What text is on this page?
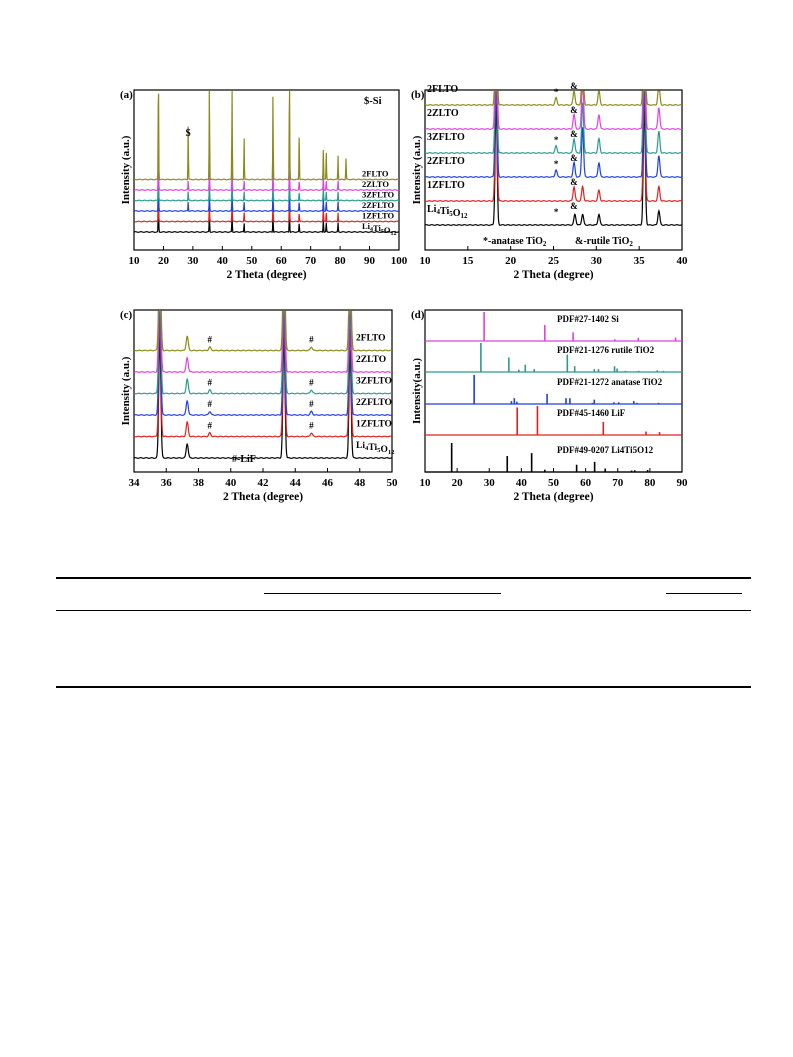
10 20 30 40 50 60 70 80 90 100
2 Theta (degree)
Intensity (a.u.)
$Li_4Ti_5O_{12}$
1ZFLTO
2ZFLTO
3ZFLTO
2ZLTO
2FLTO
(a)
$-Si
$
10	15	20	25	30	35	40
2 Theta (degree)
Intensity (a.u.)
$Li_4Ti_5O_{12}$
1ZFLTO
2ZFLTO
3ZFLTO
2ZLTO
2FLTO
(b)
*
*
*
*
&
&
&
&
&
&
*-anatase TiO$_2$	&-rutile TiO$_2$
34 36 38 40 42 44 46 48 50
2 Theta (degree)
Intensity (a.u.)
$Li_4Ti_5O_{12}$
1ZFLTO
2ZFLTO
3ZFLTO
2ZLTO
2FLTO
(c)
#-LiF
#	#
#	#
#	#
#	#
10 20 30 40 50 60 70 80 90
2 Theta (degree)
Intensity(a.u.)
(d)
PDF#49-0207 Li4Ti5O12
PDF#45-1460 LiF
PDF#21-1272 anatase TiO2
PDF#21-1276 rutile TiO2
PDF#27-1402 Si
